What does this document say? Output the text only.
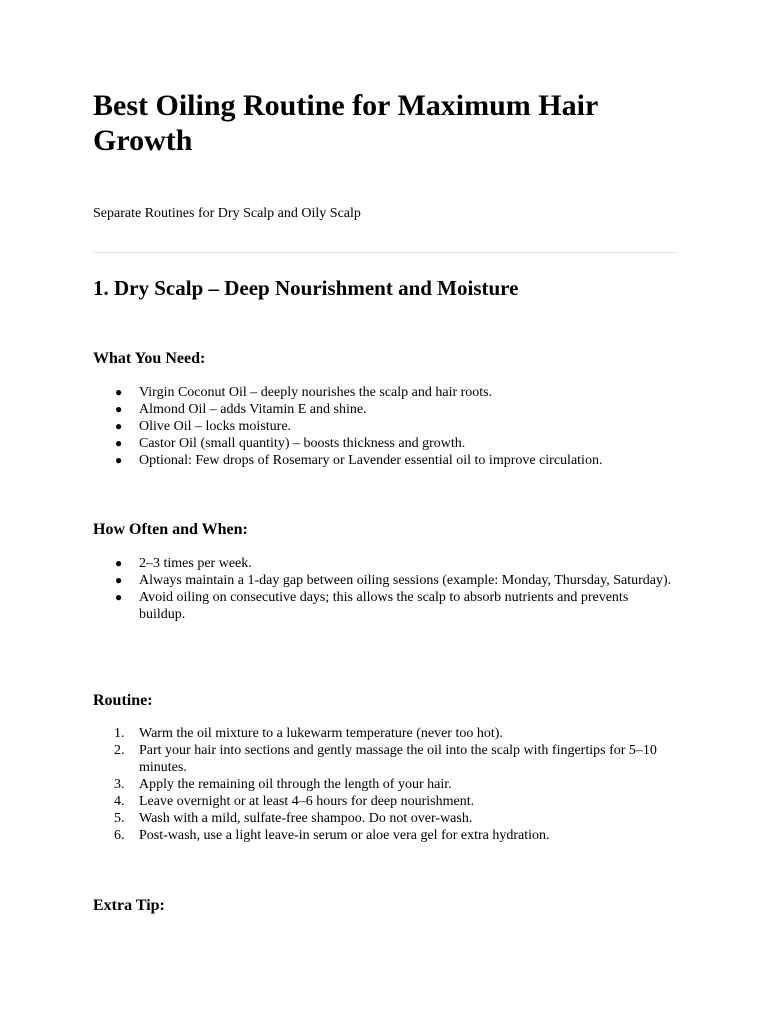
Best Oiling Routine for Maximum Hair Growth

Separate Routines for Dry Scalp and Oily Scalp

1. Dry Scalp – Deep Nourishment and Moisture
What You Need:
●	Virgin Coconut Oil – deeply nourishes the scalp and hair roots.
●	Almond Oil – adds Vitamin E and shine.
●	Olive Oil – locks moisture.
●	Castor Oil (small quantity) – boosts thickness and growth.
●	Optional: Few drops of Rosemary or Lavender essential oil to improve circulation.
How Often and When:
●	2–3 times per week.
●	Always maintain a 1-day gap between oiling sessions (example: Monday, Thursday, Saturday).
●	Avoid oiling on consecutive days; this allows the scalp to absorb nutrients and prevents buildup.
Routine:
1.	Warm the oil mixture to a lukewarm temperature (never too hot).
2.	Part your hair into sections and gently massage the oil into the scalp with fingertips for 5–10 minutes.
3.	Apply the remaining oil through the length of your hair.
4.	Leave overnight or at least 4–6 hours for deep nourishment.
5.	Wash with a mild, sulfate-free shampoo. Do not over-wash.
6.	Post-wash, use a light leave-in serum or aloe vera gel for extra hydration.
Extra Tip:
